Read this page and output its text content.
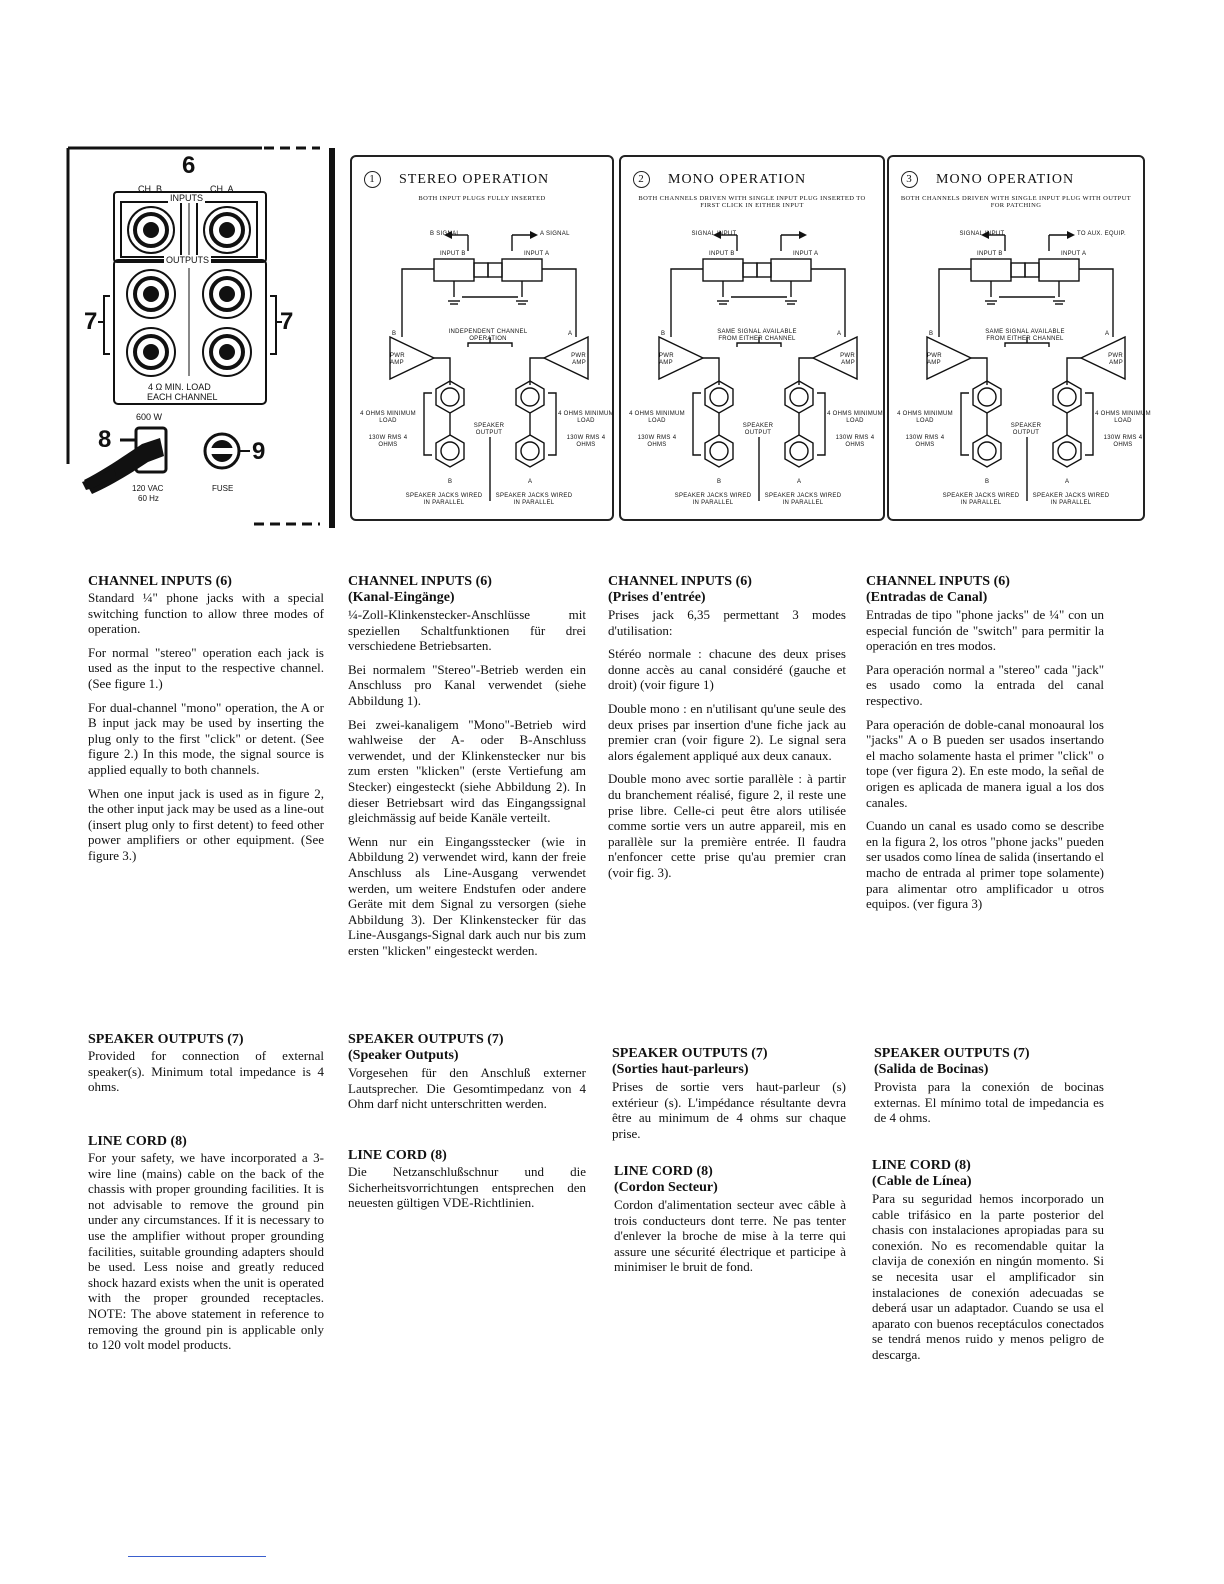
6
CH. B	CH. A
INPUTS
OUTPUTS
7	7
4 Ω MIN. LOAD
EACH CHANNEL
600 W
8	9
120 VAC
60 Hz
FUSE
1 STEREO OPERATION
BOTH INPUT PLUGS FULLY INSERTED
B SIGNAL	A SIGNAL
INPUT B	INPUT A
B	A
INDEPENDENT CHANNEL OPERATION
PWR AMP
PWR AMP
4 OHMS MINIMUM LOAD
130W RMS 4 OHMS
4 OHMS MINIMUM LOAD
130W RMS 4 OHMS
SPEAKER OUTPUT
B	A
SPEAKER JACKS WIRED IN PARALLEL
SPEAKER JACKS WIRED IN PARALLEL
2 MONO OPERATION
BOTH CHANNELS DRIVEN WITH SINGLE INPUT PLUG INSERTED TO FIRST CLICK IN EITHER INPUT
SIGNAL INPUT
INPUT B	INPUT A
B	A
SAME SIGNAL AVAILABLE FROM EITHER CHANNEL
PWR AMP
PWR AMP
4 OHMS MINIMUM LOAD
130W RMS 4 OHMS
4 OHMS MINIMUM LOAD
130W RMS 4 OHMS
SPEAKER OUTPUT
B	A
SPEAKER JACKS WIRED IN PARALLEL
SPEAKER JACKS WIRED IN PARALLEL
3 MONO OPERATION
BOTH CHANNELS DRIVEN WITH SINGLE INPUT PLUG WITH OUTPUT FOR PATCHING
SIGNAL INPUT	TO AUX. EQUIP.
INPUT B	INPUT A
B	A
SAME SIGNAL AVAILABLE FROM EITHER CHANNEL
PWR AMP
PWR AMP
4 OHMS MINIMUM LOAD
130W RMS 4 OHMS
4 OHMS MINIMUM LOAD
130W RMS 4 OHMS
SPEAKER OUTPUT
B	A
SPEAKER JACKS WIRED IN PARALLEL
SPEAKER JACKS WIRED IN PARALLEL
CHANNEL INPUTS (6)

Standard ¼" phone jacks with a special switching function to allow three modes of operation.

For normal "stereo" operation each jack is used as the input to the respective channel. (See figure 1.)

For dual-channel "mono" operation, the A or B input jack may be used by inserting the plug only to the first "click" or detent. (See figure 2.) In this mode, the signal source is applied equally to both channels.

When one input jack is used as in figure 2, the other input jack may be used as a line-out (insert plug only to first detent) to feed other power amplifiers or other equipment. (See figure 3.)

SPEAKER OUTPUTS (7)

Provided for connection of external speaker(s). Minimum total impedance is 4 ohms.

LINE CORD (8)

For your safety, we have incorporated a 3-wire line (mains) cable on the back of the chassis with proper grounding facilities. It is not advisable to remove the ground pin under any circumstances. If it is necessary to use the amplifier without proper grounding facilities, suitable grounding adapters should be used. Less noise and greatly reduced shock hazard exists when the unit is operated with the proper grounded receptacles. NOTE: The above statement in reference to removing the ground pin is applicable only to 120 volt model products.

CHANNEL INPUTS (6)
(Kanal-Eingänge)

¼-Zoll-Klinkenstecker-Anschlüsse mit speziellen Schaltfunktionen für drei verschiedene Betriebsarten.

Bei normalem "Stereo"-Betrieb werden ein Anschluss pro Kanal verwendet (siehe Abbildung 1).

Bei zwei-kanaligem "Mono"-Betrieb wird wahlweise der A- oder B-Anschluss verwendet, und der Klinkenstecker nur bis zum ersten "klicken" (erste Vertiefung am Stecker) eingesteckt (siehe Abbildung 2). In dieser Betriebsart wird das Eingangssignal gleichmässig auf beide Kanäle verteilt.

Wenn nur ein Eingangsstecker (wie in Abbildung 2) verwendet wird, kann der freie Anschluss als Line-Ausgang verwendet werden, um weitere Endstufen oder andere Geräte mit dem Signal zu versorgen (siehe Abbildung 3). Der Klinkenstecker für das Line-Ausgangs-Signal dark auch nur bis zum ersten "klicken" eingesteckt werden.

SPEAKER OUTPUTS (7)
(Speaker Outputs)

Vorgesehen für den Anschluß externer Lautsprecher. Die Gesomtimpedanz von 4 Ohm darf nicht unterschritten werden.

LINE CORD (8)

Die Netzanschlußschnur und die Sicherheitsvorrichtungen entsprechen den neuesten gültigen VDE-Richtlinien.

CHANNEL INPUTS (6)
(Prises d'entrée)

Prises jack 6,35 permettant 3 modes d'utilisation:

Stéréo normale : chacune des deux prises donne accès au canal considéré (gauche et droit) (voir figure 1)

Double mono : en n'utilisant qu'une seule des deux prises par insertion d'une fiche jack au premier cran (voir figure 2). Le signal sera alors également appliqué aux deux canaux.

Double mono avec sortie parallèle : à partir du branchement réalisé, figure 2, il reste une prise libre. Celle-ci peut être alors utilisée comme sortie vers un autre appareil, mis en parallèle sur la première entrée. Il faudra n'enfoncer cette prise qu'au premier cran (voir fig. 3).

SPEAKER OUTPUTS (7)
(Sorties haut-parleurs)

Prises de sortie vers haut-parleur (s) extérieur (s). L'impédance résultante devra être au minimum de 4 ohms sur chaque prise.

LINE CORD (8)
(Cordon Secteur)

Cordon d'alimentation secteur avec câble à trois conducteurs dont terre. Ne pas tenter d'enlever la broche de mise à la terre qui assure une sécurité électrique et participe à minimiser le bruit de fond.

CHANNEL INPUTS (6)
(Entradas de Canal)

Entradas de tipo "phone jacks" de ¼" con un especial función de "switch" para permitir la operación en tres modos.

Para operación normal a "stereo" cada "jack" es usado como la entrada del canal respectivo.

Para operación de doble-canal monoaural los "jacks" A o B pueden ser usados insertando el macho solamente hasta el primer "click" o tope (ver figura 2). En este modo, la señal de origen es aplicada de manera igual a los dos canales.

Cuando un canal es usado como se describe en la figura 2, los otros "phone jacks" pueden ser usados como línea de salida (insertando el macho de entrada al primer tope solamente) para alimentar otro amplificador u otros equipos. (ver figura 3)

SPEAKER OUTPUTS (7)
(Salida de Bocinas)

Provista para la conexión de bocinas externas. El mínimo total de impedancia es de 4 ohms.

LINE CORD (8)
(Cable de Línea)

Para su seguridad hemos incorporado un cable trifásico en la parte posterior del chasis con instalaciones apropiadas para su conexión. No es recomendable quitar la clavija de conexión en ningún momento. Si se necesita usar el amplificador sin instalaciones de conexión adecuadas se deberá usar un adaptador. Cuando se usa el aparato con buenos receptáculos conectados se tendrá menos ruido y menos peligro de descarga.
